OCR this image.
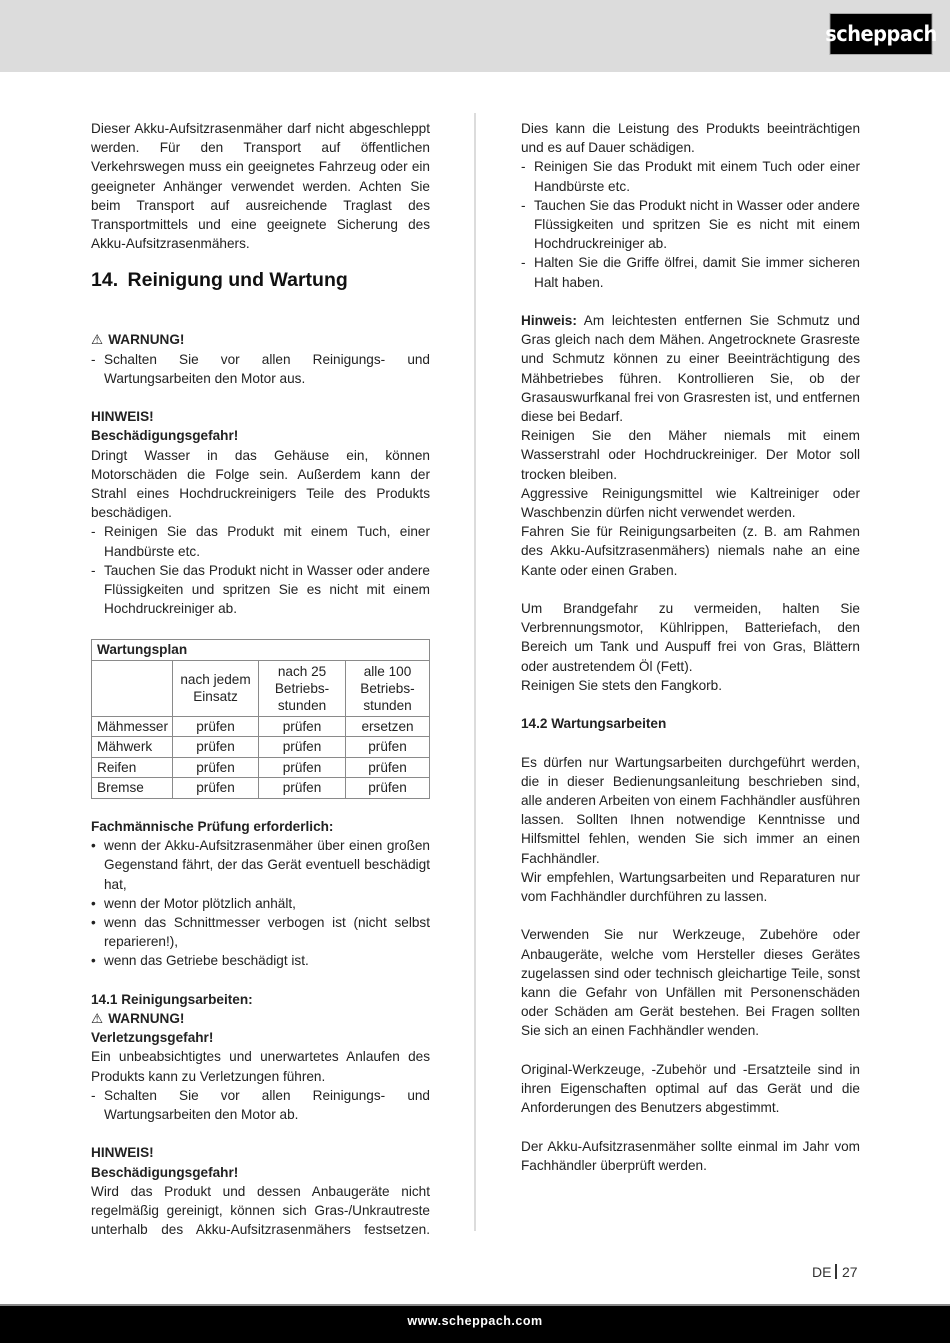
scheppach

Dieser Akku-Aufsitzrasenmäher darf nicht abgeschleppt werden. Für den Transport auf öffentlichen Verkehrswegen muss ein geeignetes Fahrzeug oder ein geeigneter Anhänger verwendet werden. Achten Sie beim Transport auf ausreichende Traglast des Transportmittels und eine geeignete Sicherung des Akku-Aufsitzrasenmähers.

14. Reinigung und Wartung
⚠ WARNUNG!
- Schalten Sie vor allen Reinigungs- und Wartungsarbeiten den Motor aus.
HINWEIS!
Beschädigungsgefahr!

Dringt Wasser in das Gehäuse ein, können Motorschäden die Folge sein. Außerdem kann der Strahl eines Hochdruckreinigers Teile des Produkts beschädigen.

- Reinigen Sie das Produkt mit einem Tuch, einer Handbürste etc.
- Tauchen Sie das Produkt nicht in Wasser oder andere Flüssigkeiten und spritzen Sie es nicht mit einem Hochdruckreiniger ab.
Wartungsplan			
	nach jedem Einsatz	nach 25 Betriebs-stunden	alle 100 Betriebs-stunden
Mähmesser	prüfen	prüfen	ersetzen
Mähwerk	prüfen	prüfen	prüfen
Reifen	prüfen	prüfen	prüfen
Bremse	prüfen	prüfen	prüfen
Fachmännische Prüfung erforderlich:
• wenn der Akku-Aufsitzrasenmäher über einen großen Gegenstand fährt, der das Gerät eventuell beschädigt hat,
• wenn der Motor plötzlich anhält,
• wenn das Schnittmesser verbogen ist (nicht selbst reparieren!),
• wenn das Getriebe beschädigt ist.
14.1 Reinigungsarbeiten:
⚠ WARNUNG!
Verletzungsgefahr!

Ein unbeabsichtigtes und unerwartetes Anlaufen des Produkts kann zu Verletzungen führen.

- Schalten Sie vor allen Reinigungs- und Wartungsarbeiten den Motor ab.
HINWEIS!
Beschädigungsgefahr!

Wird das Produkt und dessen Anbaugeräte nicht regelmäßig gereinigt, können sich Gras-/Unkrautreste unterhalb des Akku-Aufsitzrasenmähers festsetzen.

Dies kann die Leistung des Produkts beeinträchtigen und es auf Dauer schädigen.

- Reinigen Sie das Produkt mit einem Tuch oder einer Handbürste etc.
- Tauchen Sie das Produkt nicht in Wasser oder andere Flüssigkeiten und spritzen Sie es nicht mit einem Hochdruckreiniger ab.
- Halten Sie die Griffe ölfrei, damit Sie immer sicheren Halt haben.

Hinweis: Am leichtesten entfernen Sie Schmutz und Gras gleich nach dem Mähen. Angetrocknete Grasreste und Schmutz können zu einer Beeinträchtigung des Mähbetriebes führen. Kontrollieren Sie, ob der Grasauswurfkanal frei von Grasresten ist, und entfernen diese bei Bedarf.

Reinigen Sie den Mäher niemals mit einem Wasserstrahl oder Hochdruckreiniger. Der Motor soll trocken bleiben.

Aggressive Reinigungsmittel wie Kaltreiniger oder Waschbenzin dürfen nicht verwendet werden.

Fahren Sie für Reinigungsarbeiten (z. B. am Rahmen des Akku-Aufsitzrasenmähers) niemals nahe an eine Kante oder einen Graben.

Um Brandgefahr zu vermeiden, halten Sie Verbrennungsmotor, Kühlrippen, Batteriefach, den Bereich um Tank und Auspuff frei von Gras, Blättern oder austretendem Öl (Fett).

Reinigen Sie stets den Fangkorb.

14.2 Wartungsarbeiten

Es dürfen nur Wartungsarbeiten durchgeführt werden, die in dieser Bedienungsanleitung beschrieben sind, alle anderen Arbeiten von einem Fachhändler ausführen lassen. Sollten Ihnen notwendige Kenntnisse und Hilfsmittel fehlen, wenden Sie sich immer an einen Fachhändler.

Wir empfehlen, Wartungsarbeiten und Reparaturen nur vom Fachhändler durchführen zu lassen.

Verwenden Sie nur Werkzeuge, Zubehöre oder Anbaugeräte, welche vom Hersteller dieses Gerätes zugelassen sind oder technisch gleichartige Teile, sonst kann die Gefahr von Unfällen mit Personenschäden oder Schäden am Gerät bestehen. Bei Fragen sollten Sie sich an einen Fachhändler wenden.

Original-Werkzeuge, -Zubehör und -Ersatzteile sind in ihren Eigenschaften optimal auf das Gerät und die Anforderungen des Benutzers abgestimmt.

Der Akku-Aufsitzrasenmäher sollte einmal im Jahr vom Fachhändler überprüft werden.

DE 27
www.scheppach.com
